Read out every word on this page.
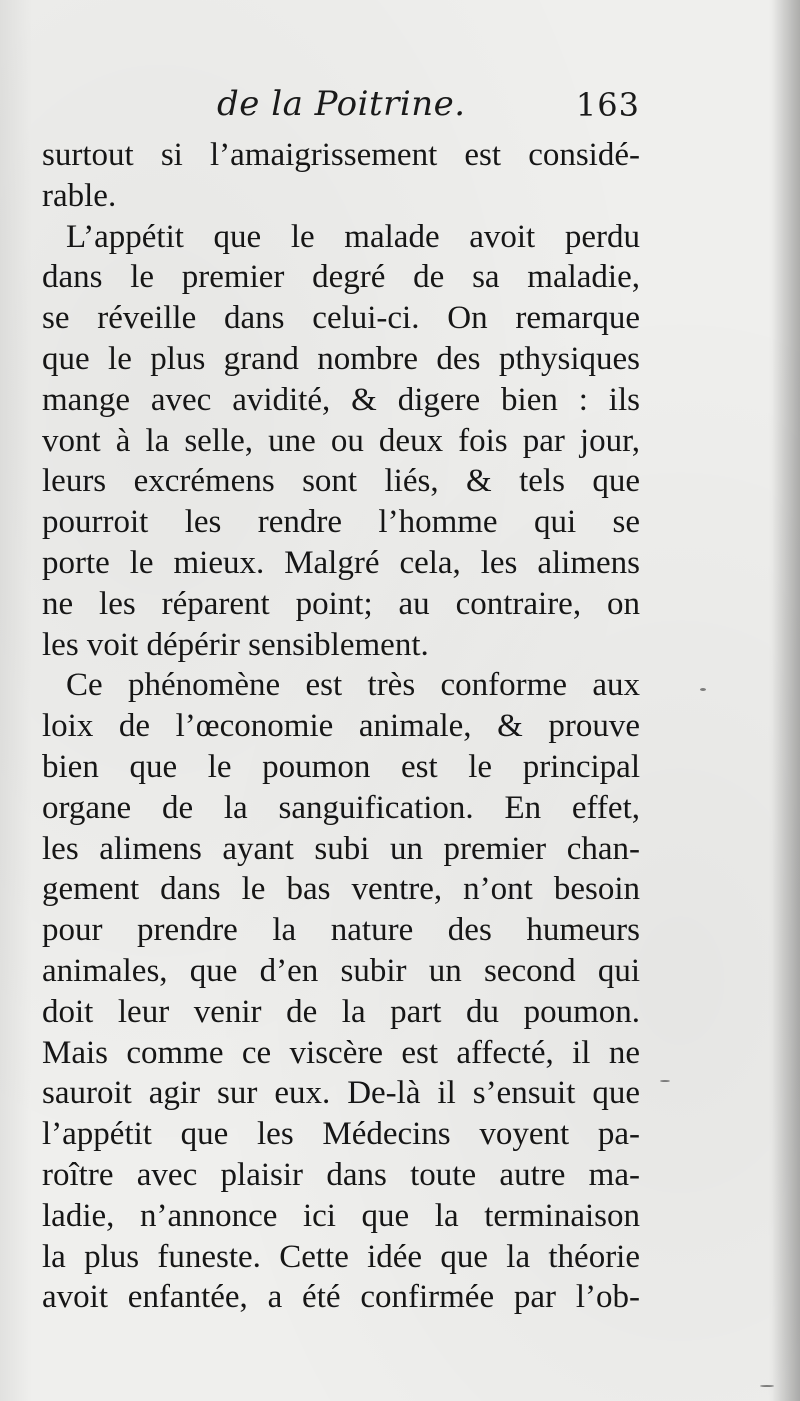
de la Poitrine.	163
surtout si l’amaigrissement est considé-
rable.
L’appétit que le malade avoit perdu
dans le premier degré de sa maladie,
se réveille dans celui-ci. On remarque
que le plus grand nombre des pthysiques
mange avec avidité, & digere bien : ils
vont à la selle, une ou deux fois par jour,
leurs excrémens sont liés, & tels que
pourroit les rendre l’homme qui se
porte le mieux. Malgré cela, les alimens
ne les réparent point; au contraire, on
les voit dépérir sensiblement.
Ce phénomène est très conforme aux
loix de l’œconomie animale, & prouve
bien que le poumon est le principal
organe de la sanguification. En effet,
les alimens ayant subi un premier chan-
gement dans le bas ventre, n’ont besoin
pour prendre la nature des humeurs
animales, que d’en subir un second qui
doit leur venir de la part du poumon.
Mais comme ce viscère est affecté, il ne
sauroit agir sur eux. De-là il s’ensuit que
l’appétit que les Médecins voyent pa-
roître avec plaisir dans toute autre ma-
ladie, n’annonce ici que la terminaison
la plus funeste. Cette idée que la théorie
avoit enfantée, a été confirmée par l’ob-
